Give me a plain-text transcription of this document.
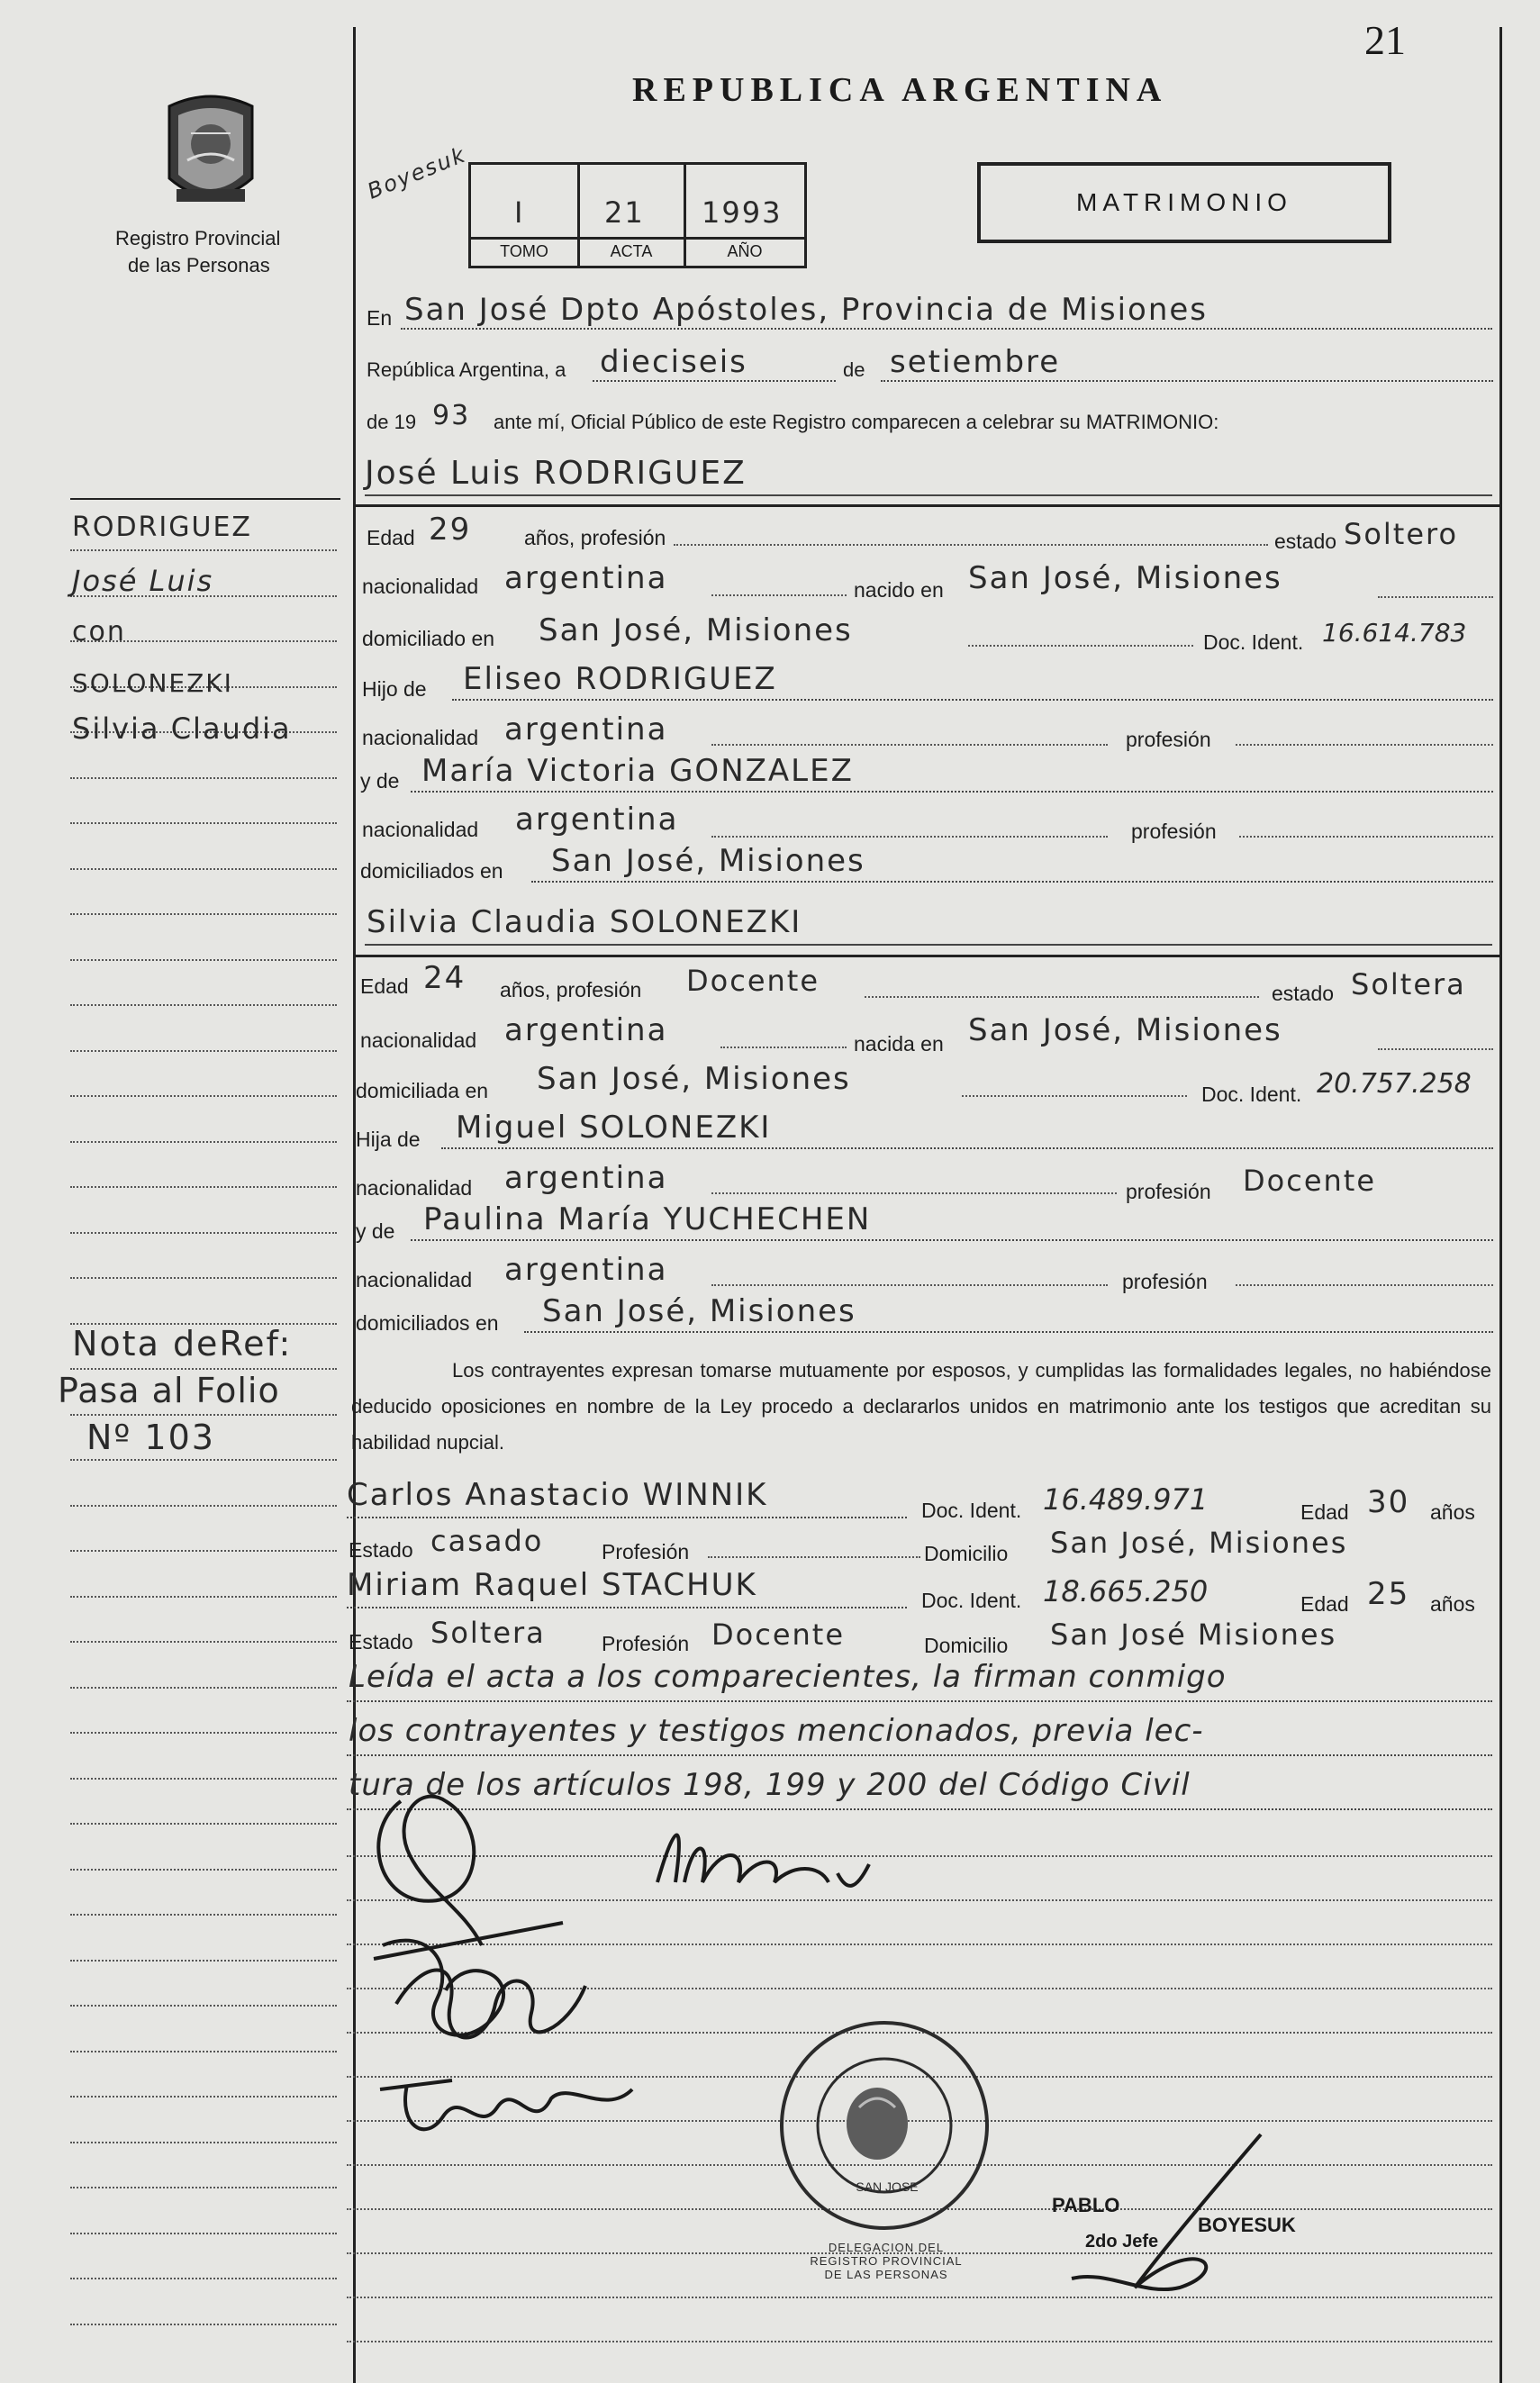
21
Registro Provincial
de las Personas
REPUBLICA ARGENTINA
Boyesuk
I	21 1993
TOMO	ACTA	AÑO
MATRIMONIO
En San José Dpto Apóstoles, Provincia de Misiones
República Argentina, a dieciseis	de setiembre
de 19 93 ante mí, Oficial Público de este Registro comparecen a celebrar su MATRIMONIO:
José Luis RODRIGUEZ
Edad 29	años, profesión	estado Soltero
nacionalidad argentina	nacido en San José, Misiones
domiciliado en San José, Misiones	Doc. Ident. 16.614.783
Hijo de Eliseo RODRIGUEZ
nacionalidad argentina	profesión
y de María Victoria GONZALEZ
nacionalidad argentina	profesión
domiciliados en San José, Misiones
Silvia Claudia SOLONEZKI
Edad 24 años, profesión Docente	estado Soltera
nacionalidad argentina	nacida en San José, Misiones
domiciliada en San José, Misiones	Doc. Ident. 20.757.258
Hija de Miguel SOLONEZKI
nacionalidad argentina	profesión Docente
y de Paulina María YUCHECHEN
nacionalidad argentina	profesión
domiciliados en San José, Misiones
Los contrayentes expresan tomarse mutuamente por esposos, y cumplidas las formalidades legales, no habiéndose deducido oposiciones en nombre de la Ley procedo a declararlos unidos en matrimonio ante los testigos que acreditan su habilidad nupcial.
Carlos Anastacio WINNIK	Doc. Ident. 16.489.971	Edad 30 años
Estado casado	Profesión	Domicilio San José, Misiones
Miriam Raquel STACHUK	Doc. Ident. 18.665.250	Edad 25 años
Estado Soltera	Profesión Docente	Domicilio San José Misiones
Leída el acta a los comparecientes, la firman conmigo
los contrayentes y testigos mencionados, previa lec-
tura de los artículos 198, 199 y 200 del Código Civil
RODRIGUEZ
José Luis
con
SOLONEZKI
Silvia Claudia
Nota deRef:
Pasa al Folio
Nº 103
DELEGACION DEL REGISTRO PROVINCIAL DE LAS PERSONAS
SAN JOSE
PABLO
BOYESUK
2do Jefe
